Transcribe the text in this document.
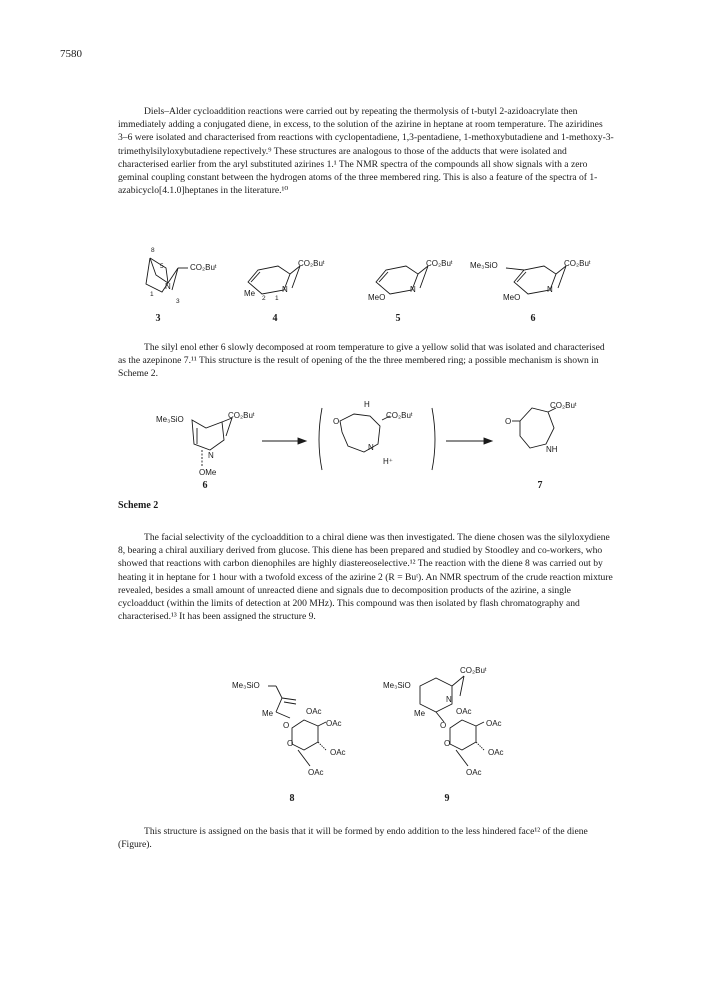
7580

Diels–Alder cycloaddition reactions were carried out by repeating the thermolysis of t-butyl 2-azidoacrylate then immediately adding a conjugated diene, in excess, to the solution of the azirine in heptane at room temperature. The aziridines 3–6 were isolated and characterised from reactions with cyclopentadiene, 1,3-pentadiene, 1-methoxybutadiene and 1-methoxy-3-trimethylsilyloxybutadiene repectively.⁹ These structures are analogous to those of the adducts that were isolated and characterised earlier from the aryl substituted azirines 1.¹ The NMR spectra of the compounds all show signals with a zero geminal coupling constant between the hydrogen atoms of the three membered ring. This is also a feature of the spectra of 1-azabicyclo[4.1.0]heptanes in the literature.¹⁰

8
5
N
1
3
CO₂Buᵗ
N
Me
2 1
CO₂Buᵗ
N
MeO
CO₂Buᵗ
N
Me₃SiO
MeO
CO₂Buᵗ
3	4	5	6

The silyl enol ether 6 slowly decomposed at room temperature to give a yellow solid that was isolated and characterised as the azepinone 7.¹¹ This structure is the result of opening of the the three membered ring; a possible mechanism is shown in Scheme 2.

Me₃SiO	CO₂Buᵗ
N
OMe
O
H
CO₂Buᵗ
N
H⁺
O
CO₂Buᵗ
NH
6	7
Scheme 2

The facial selectivity of the cycloaddition to a chiral diene was then investigated. The diene chosen was the silyloxydiene 8, bearing a chiral auxiliary derived from glucose. This diene has been prepared and studied by Stoodley and co-workers, who showed that reactions with carbon dienophiles are highly diastereoselective.¹² The reaction with the diene 8 was carried out by heating it in heptane for 1 hour with a twofold excess of the azirine 2 (R = Buᵗ). An NMR spectrum of the crude reaction mixture revealed, besides a small amount of unreacted diene and signals due to decomposition products of the azirine, a single cycloadduct (within the limits of detection at 200 MHz). This compound was then isolated by flash chromatography and characterised.¹³ It has been assigned the structure 9.

Me₃SiO
Me
O
OAc
OAc
OAc
O
OAc
Me₃SiO
CO₂Buᵗ
N
Me
O
OAc
OAc
OAc
O
OAc
8	9

This structure is assigned on the basis that it will be formed by endo addition to the less hindered face¹² of the diene (Figure).
